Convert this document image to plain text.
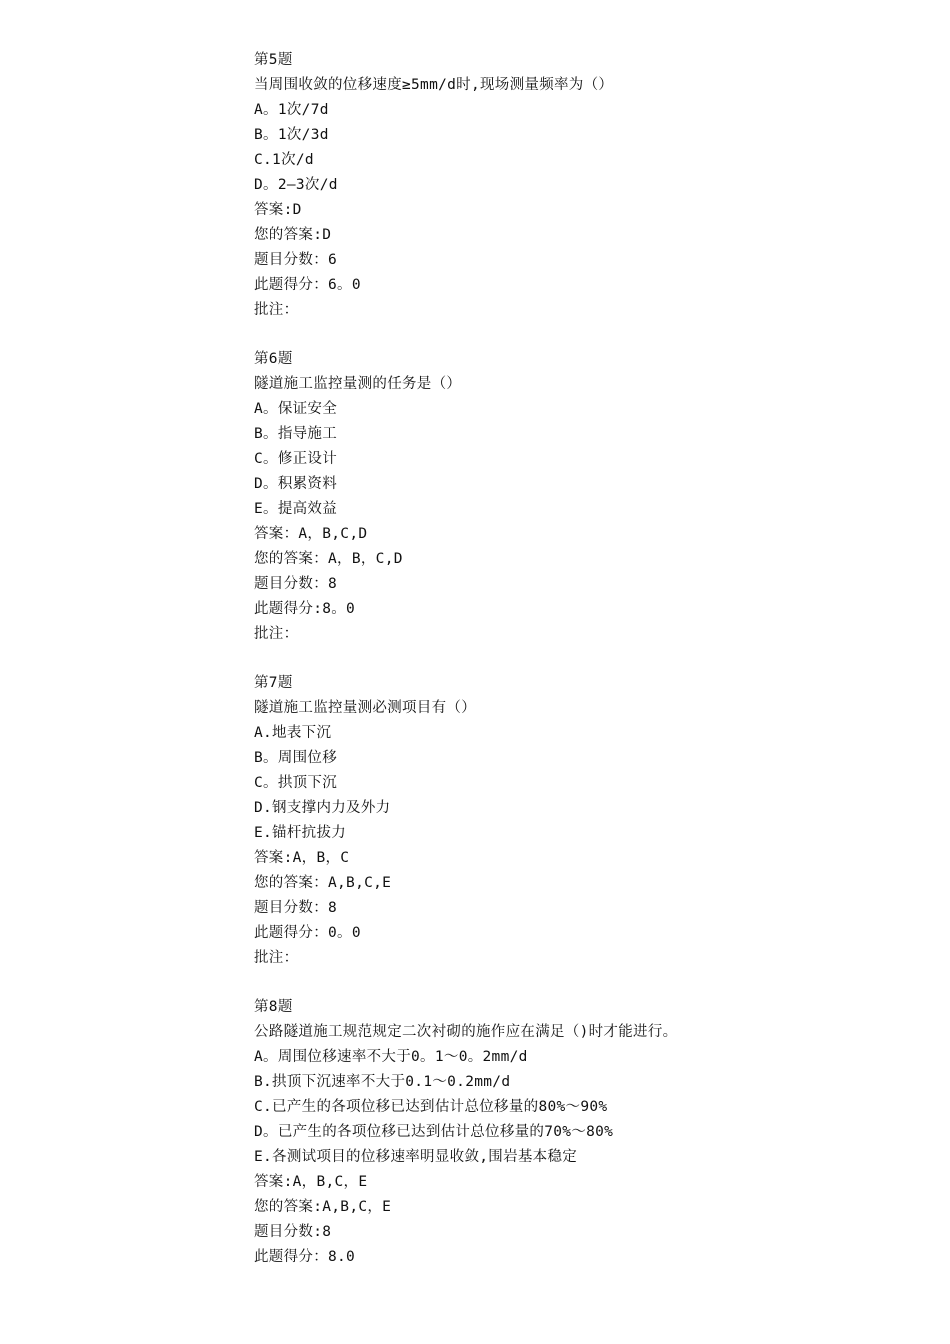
第5题
当周围收敛的位移速度≥5mm/d时,现场测量频率为（）
A。1次/7d
B。1次/3d
C.1次/d
D。2—3次/d
答案:D
您的答案:D
题目分数：6
此题得分：6。0
批注：
第6题
隧道施工监控量测的任务是（）
A。保证安全
B。指导施工
C。修正设计
D。积累资料
E。提高效益
答案：A，B,C,D
您的答案：A，B，C,D
题目分数：8
此题得分:8。0
批注：
第7题
隧道施工监控量测必测项目有（）
A.地表下沉
B。周围位移
C。拱顶下沉
D.钢支撑内力及外力
E.锚杆抗拔力
答案:A，B，C
您的答案：A,B,C,E
题目分数：8
此题得分：0。0
批注：
第8题
公路隧道施工规范规定二次衬砌的施作应在满足（)时才能进行。
A。周围位移速率不大于0。1～0。2mm/d
B.拱顶下沉速率不大于0.1～0.2mm/d
C.已产生的各项位移已达到估计总位移量的80%～90%
D。已产生的各项位移已达到估计总位移量的70%～80%
E.各测试项目的位移速率明显收敛,围岩基本稳定
答案:A，B,C，E
您的答案:A,B,C，E
题目分数:8
此题得分：8.0
